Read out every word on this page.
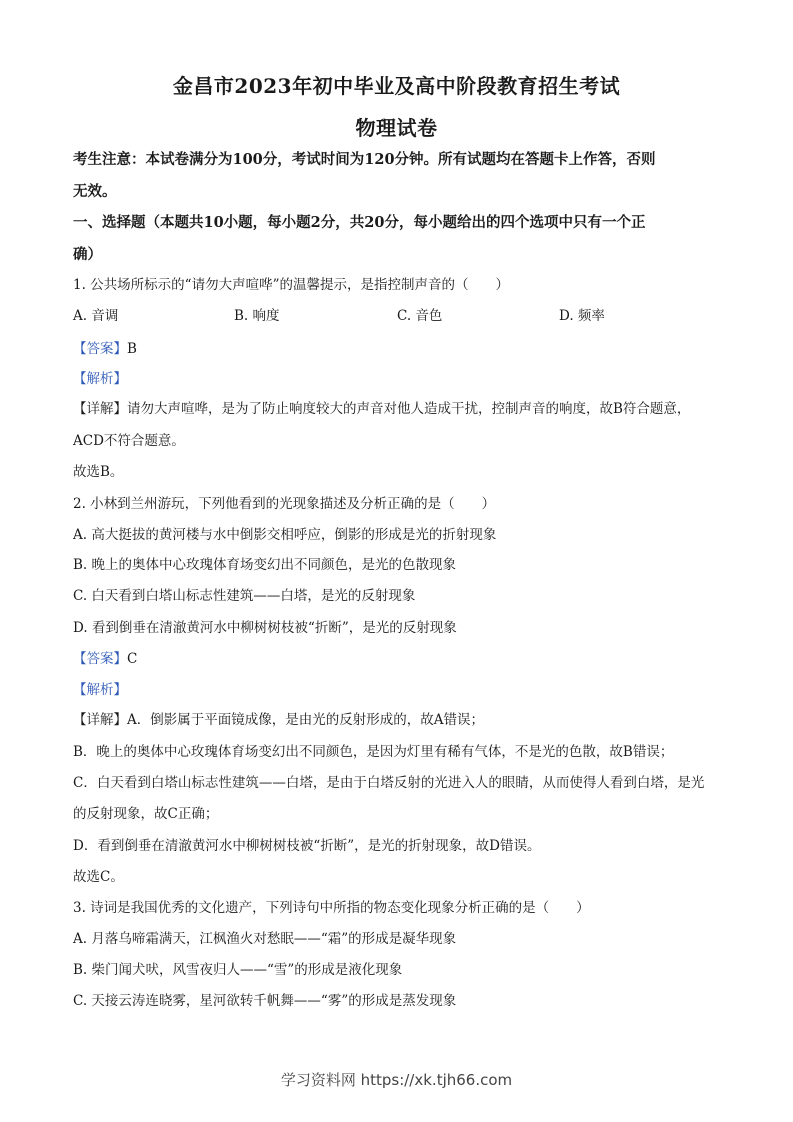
金昌市2023年初中毕业及高中阶段教育招生考试
物理试卷
考生注意：本试卷满分为100分，考试时间为120分钟。所有试题均在答题卡上作答，否则
无效。
一、选择题（本题共10小题，每小题2分，共20分，每小题给出的四个选项中只有一个正
确）
1. 公共场所标示的“请勿大声喧哗”的温馨提示，是指控制声音的（　　）
A. 音调	B. 响度	C. 音色	D. 频率
【答案】B
【解析】
【详解】请勿大声喧哗，是为了防止响度较大的声音对他人造成干扰，控制声音的响度，故B符合题意，
ACD不符合题意。
故选B。
2. 小林到兰州游玩，下列他看到的光现象描述及分析正确的是（　　）
A. 高大挺拔的黄河楼与水中倒影交相呼应，倒影的形成是光的折射现象
B. 晚上的奥体中心玫瑰体育场变幻出不同颜色，是光的色散现象
C. 白天看到白塔山标志性建筑——白塔，是光的反射现象
D. 看到倒垂在清澈黄河水中柳树树枝被“折断”，是光的反射现象
【答案】C
【解析】
【详解】A．倒影属于平面镜成像，是由光的反射形成的，故A错误；
B．晚上的奥体中心玫瑰体育场变幻出不同颜色，是因为灯里有稀有气体，不是光的色散，故B错误；
C．白天看到白塔山标志性建筑——白塔，是由于白塔反射的光进入人的眼睛，从而使得人看到白塔，是光
的反射现象，故C正确；
D．看到倒垂在清澈黄河水中柳树树枝被“折断”，是光的折射现象，故D错误。
故选C。
3. 诗词是我国优秀的文化遗产，下列诗句中所指的物态变化现象分析正确的是（　　）
A. 月落乌啼霜满天，江枫渔火对愁眠——“霜”的形成是凝华现象
B. 柴门闻犬吠，风雪夜归人——“雪”的形成是液化现象
C. 天接云涛连晓雾，星河欲转千帆舞——“雾”的形成是蒸发现象
学习资料网 https://xk.tjh66.com
